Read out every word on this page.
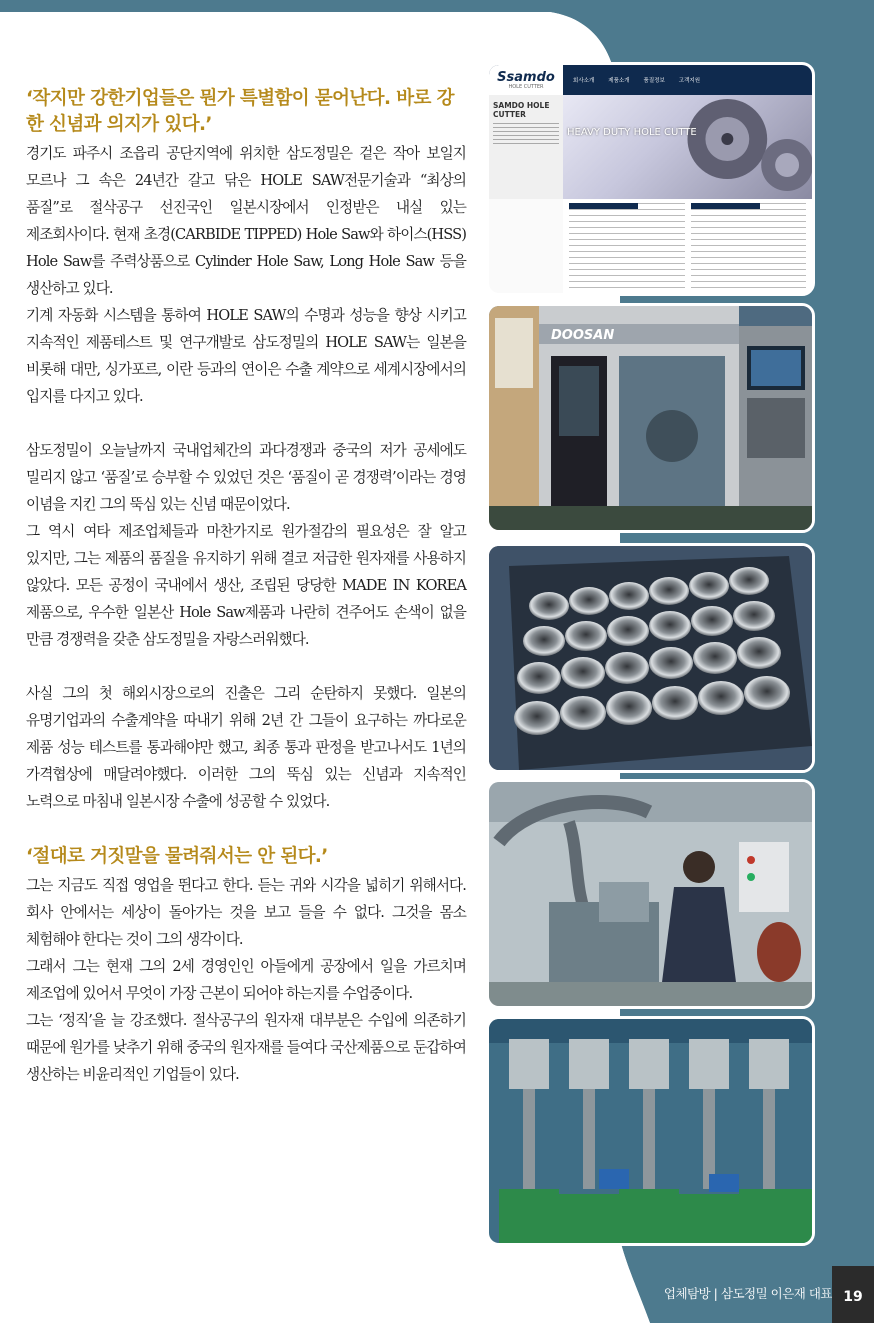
‘작지만 강한기업들은 뭔가 특별함이 묻어난다. 바로 강한 신념과 의지가 있다.’

경기도 파주시 조읍리 공단지역에 위치한 삼도정밀은 겉은 작아 보일지 모르나 그 속은 24년간 갈고 닦은 HOLE SAW전문기술과 “최상의 품질”로 절삭공구 선진국인 일본시장에서 인정받은 내실 있는 제조회사이다. 현재 초경(CARBIDE TIPPED) Hole Saw와 하이스(HSS) Hole Saw를 주력상품으로 Cylinder Hole Saw, Long Hole Saw 등을 생산하고 있다.

기계 자동화 시스템을 통하여 HOLE SAW의 수명과 성능을 향상 시키고 지속적인 제품테스트 및 연구개발로 삼도정밀의 HOLE SAW는 일본을 비롯해 대만, 싱가포르, 이란 등과의 연이은 수출 계약으로 세계시장에서의 입지를 다지고 있다.

삼도정밀이 오늘날까지 국내업체간의 과다경쟁과 중국의 저가 공세에도 밀리지 않고 ‘품질’로 승부할 수 있었던 것은 ‘품질이 곧 경쟁력’이라는 경영 이념을 지킨 그의 뚝심 있는 신념 때문이었다.

그 역시 여타 제조업체들과 마찬가지로 원가절감의 필요성은 잘 알고 있지만, 그는 제품의 품질을 유지하기 위해 결코 저급한 원자재를 사용하지 않았다. 모든 공정이 국내에서 생산, 조립된 당당한 MADE IN KOREA 제품으로, 우수한 일본산 Hole Saw제품과 나란히 견주어도 손색이 없을 만큼 경쟁력을 갖춘 삼도정밀을 자랑스러워했다.

사실 그의 첫 해외시장으로의 진출은 그리 순탄하지 못했다. 일본의 유명기업과의 수출계약을 따내기 위해 2년 간 그들이 요구하는 까다로운 제품 성능 테스트를 통과해야만 했고, 최종 통과 판정을 받고나서도 1년의 가격협상에 매달려야했다. 이러한 그의 뚝심 있는 신념과 지속적인 노력으로 마침내 일본시장 수출에 성공할 수 있었다.

‘절대로 거짓말을 물려줘서는 안 된다.’

그는 지금도 직접 영업을 뛴다고 한다. 듣는 귀와 시각을 넓히기 위해서다. 회사 안에서는 세상이 돌아가는 것을 보고 들을 수 없다. 그것을 몸소 체험해야 한다는 것이 그의 생각이다.

그래서 그는 현재 그의 2세 경영인인 아들에게 공장에서 일을 가르치며 제조업에 있어서 무엇이 가장 근본이 되어야 하는지를 수업중이다.

그는 ‘정직’을 늘 강조했다. 절삭공구의 원자재 대부분은 수입에 의존하기 때문에 원가를 낮추기 위해 중국의 원자재를 들여다 국산제품으로 둔갑하여 생산하는 비윤리적인 기업들이 있다.

Ssamdo
HOLE CUTTER
회사소개	제품소개	품질정보	고객지원
SAMDO HOLE CUTTER
HEAVY DUTY HOLE CUTTE
DOOSAN
업체탐방 | 삼도정밀 이은재 대표 19
